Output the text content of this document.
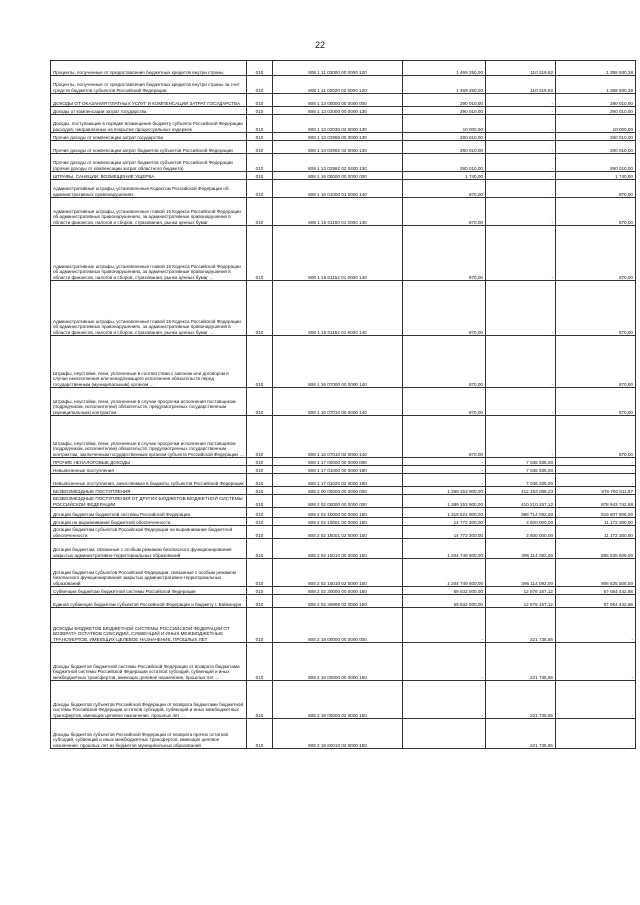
22
Проценты, полученные от предоставления бюджетных кредитов внутри страны	010	808 1 11 03000 00 0000 120	1 469 250,00	110 319,62	1 358 930,38
Проценты, полученные от предоставления бюджетных кредитов внутри страны за счет средств бюджетов субъектов Российской Федерации	010	808 1 11 03020 02 0000 120	1 469 250,00	110 319,62	1 358 930,38
ДОХОДЫ ОТ ОКАЗАНИЯ ПЛАТНЫХ УСЛУГ И КОМПЕНСАЦИИ ЗАТРАТ ГОСУДАРСТВА	010	808 1 13 00000 00 0000 000	290 010,00	-	290 010,00
Доходы от компенсации затрат государства	010	808 1 13 02000 00 0000 130	290 010,00	-	290 010,00
Доходы, поступающие в порядке возмещения бюджету субъекта Российской Федерации расходов, направленных на покрытие процессуальных издержек	010	808 1 13 02030 02 0000 130	10 000,00	-	10 000,00
Прочие доходы от компенсации затрат государства	010	808 1 13 02990 00 0000 130	280 010,00	-	280 010,00
Прочие доходы от компенсации затрат бюджетов субъектов Российской Федерации	010	808 1 13 02992 02 0000 130	280 010,00	-	280 010,00
Прочие доходы от компенсации затрат бюджетов субъектов Российской Федерации (прочие доходы от компенсации затрат областного бюджета)	010	808 1 13 02992 02 0400 130	280 010,00	-	280 010,00
ШТРАФЫ, САНКЦИИ, ВОЗМЕЩЕНИЕ УЩЕРБА	010	808 1 16 00000 00 0000 000	1 740,00	-	1 740,00
Административные штрафы, установленные Кодексом Российской Федерации об административных правонарушениях	010	808 1 16 01000 01 0000 140	870,00	-	870,00
Административные штрафы, установленные главой 15 Кодекса Российской Федерации об административных правонарушениях, за административные правонарушения в области финансов, налогов и сборов, страхования, рынка ценных бумаг	010	808 1 16 01150 01 0000 140	870,00	-	870,00
Административные штрафы, установленные главой 15 Кодекса Российской Федерации об административных правонарушениях, за административные правонарушения в области финансов, налогов и сборов, страхования, рынка ценных бумаг …	010	808 1 16 01152 01 0000 140	870,00	-	870,00
Административные штрафы, установленные главой 15 Кодекса Российской Федерации об административных правонарушениях, за административные правонарушения в области финансов, налогов и сборов, страхования, рынка ценных бумаг …	010	808 1 16 01152 01 9000 140	870,00	-	870,00
Штрафы, неустойки, пени, уплаченные в соответствии с законом или договором в случае неисполнения или ненадлежащего исполнения обязательств перед государственным (муниципальным) органом …	010	808 1 16 07000 00 0000 140	870,00	-	870,00
Штрафы, неустойки, пени, уплаченные в случае просрочки исполнения поставщиком (подрядчиком, исполнителем) обязательств, предусмотренных государственным (муниципальным) контрактом	010	808 1 16 07010 00 0000 140	870,00	-	870,00
Штрафы, неустойки, пени, уплаченные в случае просрочки исполнения поставщиком (подрядчиком, исполнителем) обязательств, предусмотренных государственным контрактом, заключенным государственным органом субъекта Российской Федерации …	010	808 1 16 07010 02 0000 140	870,00	-	870,00
ПРОЧИЕ НЕНАЛОГОВЫЕ ДОХОДЫ	010	808 1 17 00000 00 0000 000	-	7 036 336,00	-
Невыясненные поступления	010	808 1 17 01000 00 0000 180	-	7 036 336,00	-
Невыясненные поступления, зачисляемые в бюджеты субъектов Российской Федерации	010	808 1 17 01020 02 0000 180	-	7 036 336,00	-
БЕЗВОЗМЕЗДНЫЕ ПОСТУПЛЕНИЯ	010	808 2 00 00000 00 0000 000	1 289 153 900,00	412 453 088,23	876 700 811,67
БЕЗВОЗМЕЗДНЫЕ ПОСТУПЛЕНИЯ ОТ ДРУГИХ БЮДЖЕТОВ БЮДЖЕТНОЙ СИСТЕМЫ РОССИЙСКОЙ ФЕДЕРАЦИИ	010	808 2 02 00000 00 0000 000	1 289 153 900,00	410 210 157,12	878 943 742,88
Дотации бюджетам бюджетной системы Российской Федерации	010	808 2 02 10000 00 0000 150	1 219 521 900,00	389 714 092,00	819 807 808,00
Дотации на выравнивание бюджетной обеспеченности	010	808 2 02 15001 00 0000 150	14 772 300,00	3 600 000,00	11 172 300,00
Дотации бюджетам субъектов Российской Федерации на выравнивание бюджетной обеспеченности	010	808 2 02 15001 02 0000 150	14 772 300,00	3 600 000,00	11 172 300,00
Дотации бюджетам, связанные с особым режимом безопасного функционирования закрытых административно-территориальных образований	010	808 2 02 15010 00 0000 150	1 204 749 600,00	396 114 092,00	808 635 508,00
Дотации бюджетам субъектов Российской Федерации, связанные с особым режимом безопасного функционирования закрытых административно-территориальных образований	010	808 2 02 15010 02 0000 150	1 204 749 600,00	396 114 092,00	808 635 508,00
Субвенции бюджетам бюджетной системы Российской Федерации	010	808 2 02 30000 00 0000 150	69 632 000,00	12 576 157,12	57 054 442,88
Единая субвенция бюджетам субъектов Российской Федерации и бюджету г. Байконура	010	808 2 02 39998 02 0000 150	69 632 000,00	12 576 157,12	57 054 442,88
ДОХОДЫ БЮДЖЕТОВ БЮДЖЕТНОЙ СИСТЕМЫ РОССИЙСКОЙ ФЕДЕРАЦИИ ОТ ВОЗВРАТА ОСТАТКОВ СУБСИДИЙ, СУБВЕНЦИЙ И ИНЫХ МЕЖБЮДЖЕТНЫХ ТРАНСФЕРТОВ, ИМЕЮЩИХ ЦЕЛЕВОЕ НАЗНАЧЕНИЕ, ПРОШЛЫХ ЛЕТ	010	808 2 18 00000 00 0000 000	-	221 735,56	-
Доходы бюджетов бюджетной системы Российской Федерации от возврата бюджетами бюджетной системы Российской Федерации остатков субсидий, субвенций и иных межбюджетных трансфертов, имеющих целевое назначение, прошлых лет …	010	808 2 18 00000 00 0000 150	-	221 735,56	-
Доходы бюджетов субъектов Российской Федерации от возврата бюджетами бюджетной системы Российской Федерации остатков субсидий, субвенций и иных межбюджетных трансфертов, имеющих целевое назначение, прошлых лет …	010	808 2 18 00000 02 0000 150	-	221 735,56	-
Доходы бюджетов субъектов Российской Федерации от возврата прочих остатков субсидий, субвенций и иных межбюджетных трансфертов, имеющих целевое назначение, прошлых лет из бюджетов муниципальных образований	010	808 2 18 60010 02 0000 150	-	221 735,56	-
